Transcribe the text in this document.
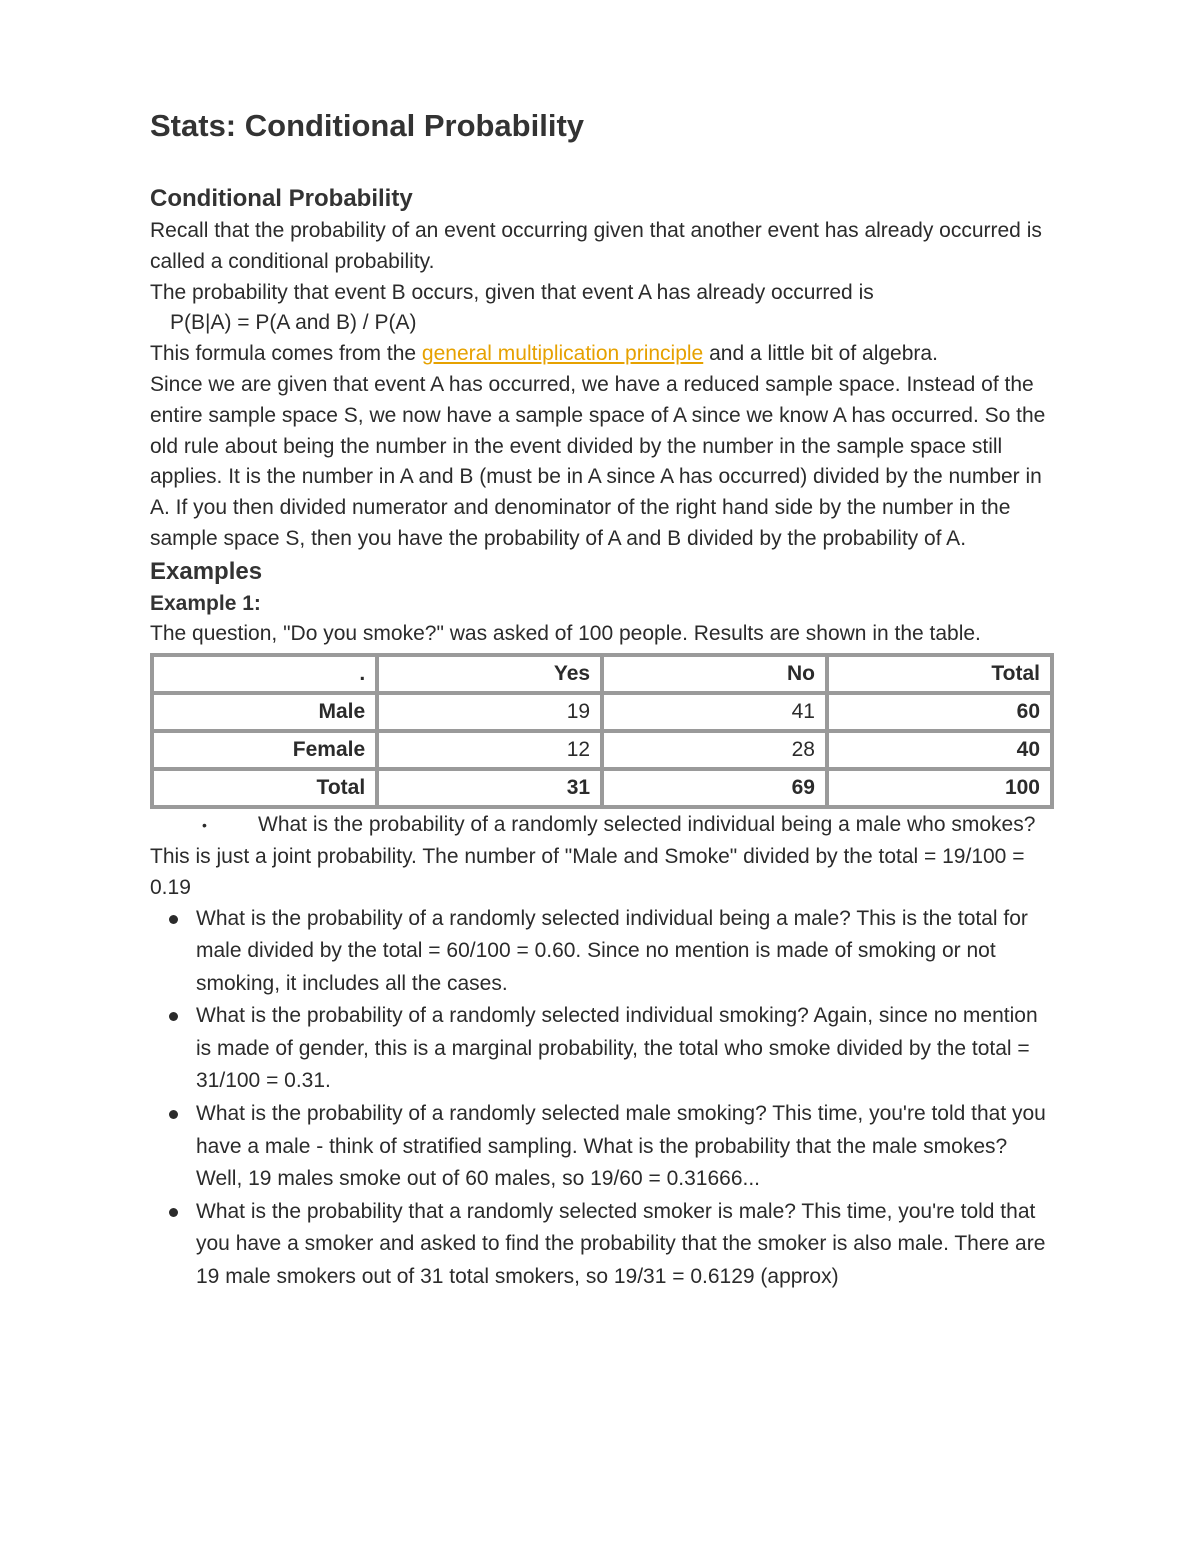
Stats: Conditional Probability
Conditional Probability

Recall that the probability of an event occurring given that another event has already occurred is called a conditional probability.

The probability that event B occurs, given that event A has already occurred is

P(B|A) = P(A and B) / P(A)

This formula comes from the general multiplication principle and a little bit of algebra.

Since we are given that event A has occurred, we have a reduced sample space. Instead of the entire sample space S, we now have a sample space of A since we know A has occurred. So the old rule about being the number in the event divided by the number in the sample space still applies. It is the number in A and B (must be in A since A has occurred) divided by the number in A. If you then divided numerator and denominator of the right hand side by the number in the sample space S, then you have the probability of A and B divided by the probability of A.

Examples
Example 1:

The question, "Do you smoke?" was asked of 100 people. Results are shown in the table.

.	Yes	No	Total
Male	19	41	60
Female	12	28	40
Total	31	69	100
• What is the probability of a randomly selected individual being a male who smokes? This is just a joint probability. The number of "Male and Smoke" divided by the total = 19/100 = 0.19
What is the probability of a randomly selected individual being a male? This is the total for male divided by the total = 60/100 = 0.60. Since no mention is made of smoking or not smoking, it includes all the cases.
What is the probability of a randomly selected individual smoking? Again, since no mention is made of gender, this is a marginal probability, the total who smoke divided by the total = 31/100 = 0.31.
What is the probability of a randomly selected male smoking? This time, you're told that you have a male - think of stratified sampling. What is the probability that the male smokes? Well, 19 males smoke out of 60 males, so 19/60 = 0.31666...
What is the probability that a randomly selected smoker is male? This time, you're told that you have a smoker and asked to find the probability that the smoker is also male. There are 19 male smokers out of 31 total smokers, so 19/31 = 0.6129 (approx)
